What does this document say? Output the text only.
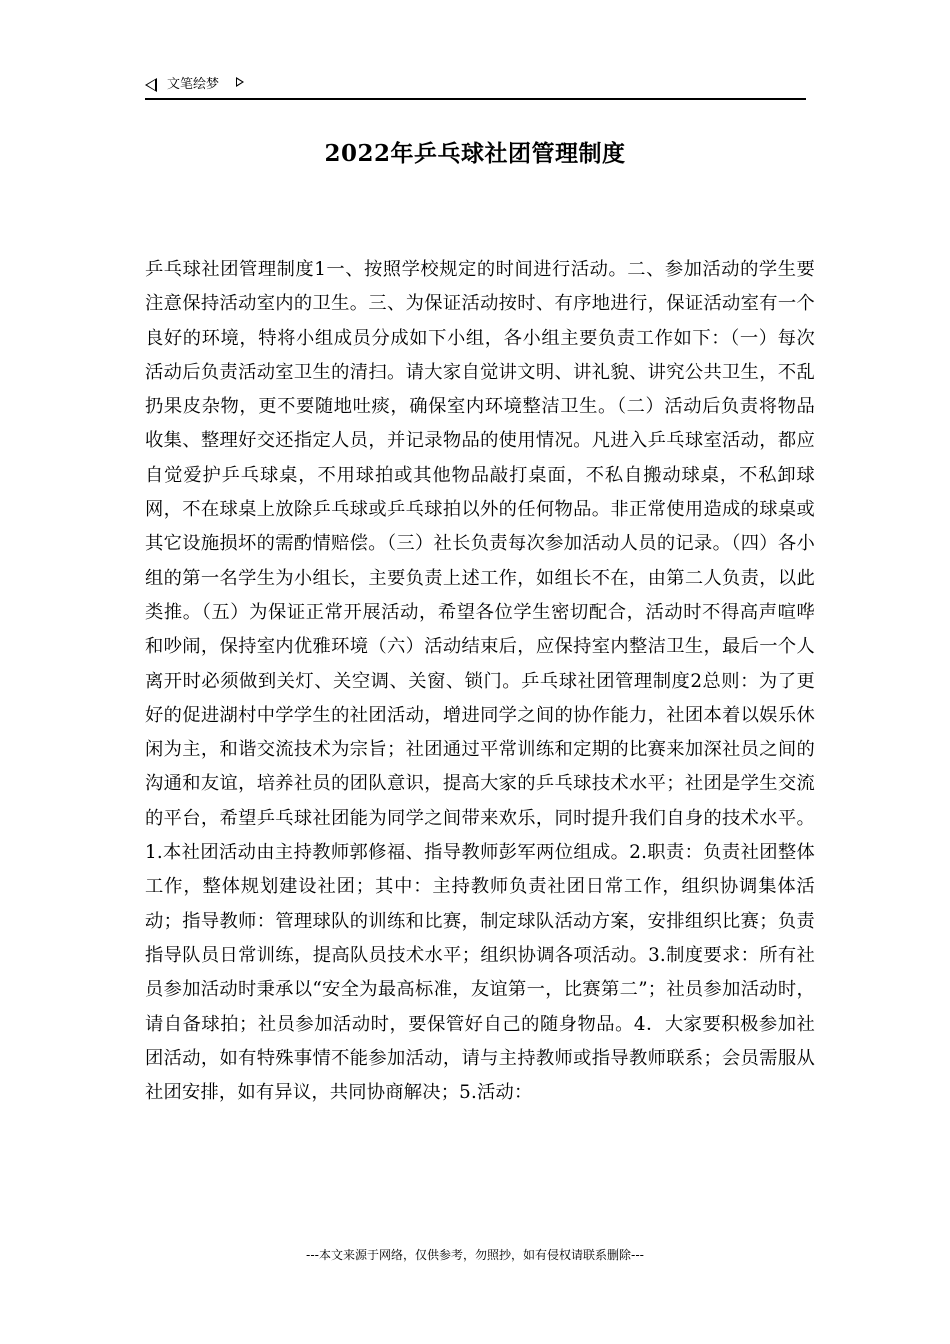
文笔绘梦
2022年乒乓球社团管理制度
乒乓球社团管理制度1一、按照学校规定的时间进行活动。二、参加活动的学生要注意保持活动室内的卫生。三、为保证活动按时、有序地进行，保证活动室有一个良好的环境，特将小组成员分成如下小组，各小组主要负责工作如下：（一）每次活动后负责活动室卫生的清扫。请大家自觉讲文明、讲礼貌、讲究公共卫生，不乱扔果皮杂物，更不要随地吐痰，确保室内环境整洁卫生。（二）活动后负责将物品收集、整理好交还指定人员，并记录物品的使用情况。凡进入乒乓球室活动，都应自觉爱护乒乓球桌，不用球拍或其他物品敲打桌面，不私自搬动球桌，不私卸球网，不在球桌上放除乒乓球或乒乓球拍以外的任何物品。非正常使用造成的球桌或其它设施损坏的需酌情赔偿。（三）社长负责每次参加活动人员的记录。（四）各小组的第一名学生为小组长，主要负责上述工作，如组长不在，由第二人负责，以此类推。（五）为保证正常开展活动，希望各位学生密切配合，活动时不得高声喧哗和吵闹，保持室内优雅环境（六）活动结束后，应保持室内整洁卫生，最后一个人离开时必须做到关灯、关空调、关窗、锁门。乒乓球社团管理制度2总则：为了更好的促进湖村中学学生的社团活动，增进同学之间的协作能力，社团本着以娱乐休闲为主，和谐交流技术为宗旨；社团通过平常训练和定期的比赛来加深社员之间的沟通和友谊，培养社员的团队意识，提高大家的乒乓球技术水平；社团是学生交流的平台，希望乒乓球社团能为同学之间带来欢乐，同时提升我们自身的技术水平。1.本社团活动由主持教师郭修福、指导教师彭军两位组成。2.职责：负责社团整体工作，整体规划建设社团；其中：主持教师负责社团日常工作，组织协调集体活动；指导教师：管理球队的训练和比赛，制定球队活动方案，安排组织比赛；负责指导队员日常训练，提高队员技术水平；组织协调各项活动。3.制度要求：所有社员参加活动时秉承以“安全为最高标准，友谊第一，比赛第二”；社员参加活动时，请自备球拍；社员参加活动时，要保管好自己的随身物品。4．大家要积极参加社团活动，如有特殊事情不能参加活动，请与主持教师或指导教师联系；会员需服从社团安排，如有异议，共同协商解决；5.活动：
---本文来源于网络，仅供参考，勿照抄，如有侵权请联系删除---
